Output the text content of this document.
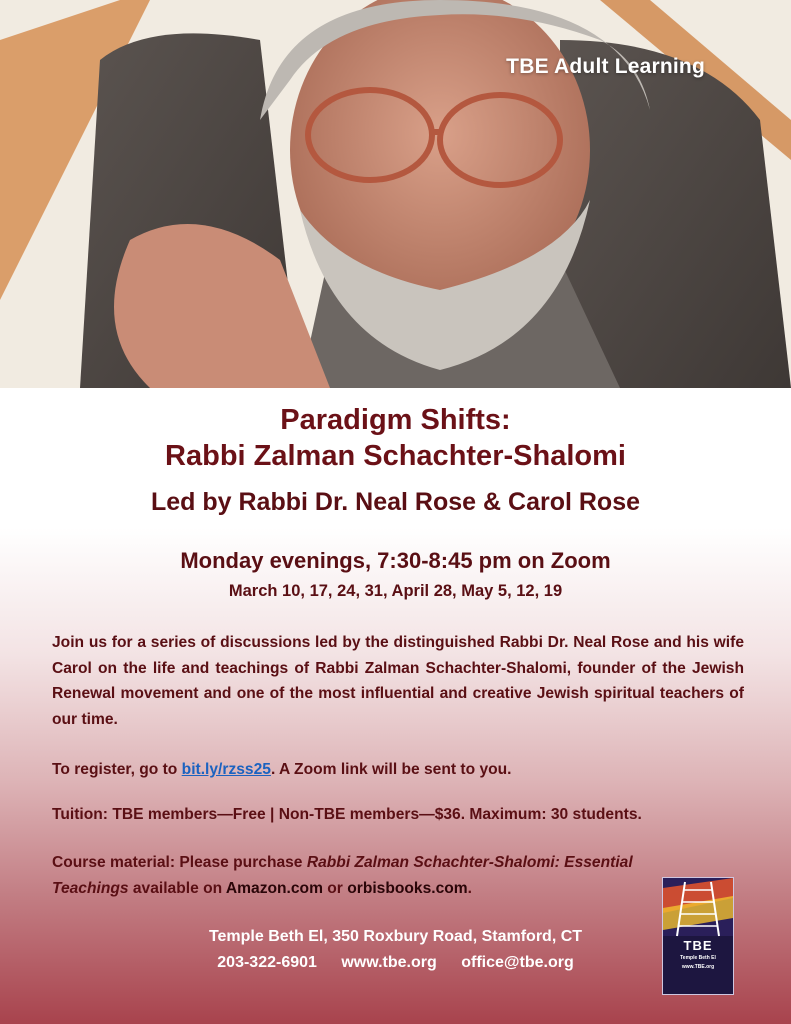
TBE Adult Learning
Paradigm Shifts:
Rabbi Zalman Schachter-Shalomi
Led by Rabbi Dr. Neal Rose & Carol Rose
Monday evenings, 7:30-8:45 pm on Zoom
March 10, 17, 24, 31, April 28, May 5, 12, 19
Join us for a series of discussions led by the distinguished Rabbi Dr. Neal Rose and his wife Carol on the life and teachings of Rabbi Zalman Schachter-Shalomi, founder of the Jewish Renewal movement and one of the most influential and creative Jewish spiritual teachers of our time.
To register, go to bit.ly/rzss25. A Zoom link will be sent to you.
Tuition: TBE members—Free | Non-TBE members—$36. Maximum: 30 students.
Course material: Please purchase Rabbi Zalman Schachter-Shalomi: Essential Teachings available on Amazon.com or orbisbooks.com.
Temple Beth El, 350 Roxbury Road, Stamford, CT
203-322-6901 www.tbe.org office@tbe.org
TBE
Temple Beth El
www.TBE.org
